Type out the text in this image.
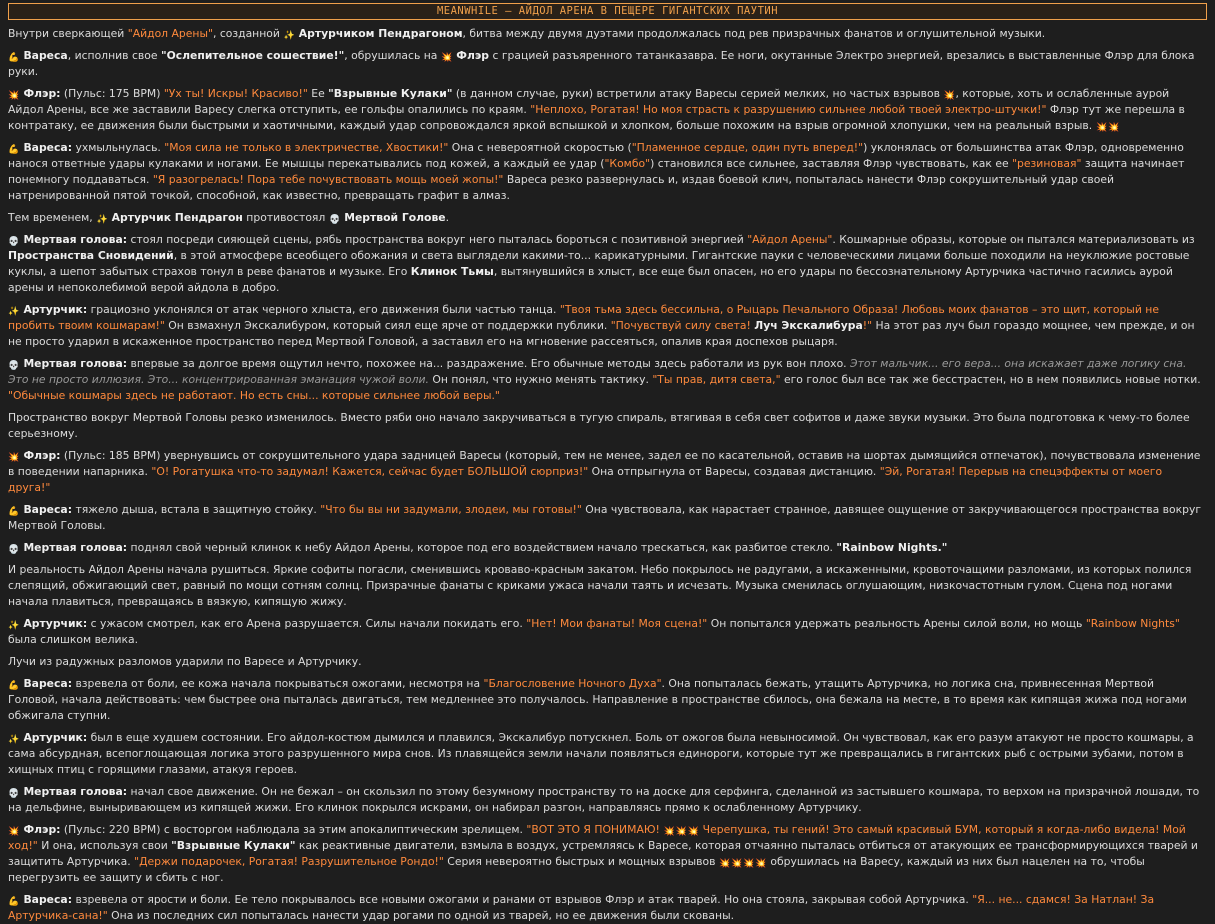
MEANWHILE – АЙДОЛ АРЕНА В ПЕЩЕРЕ ГИГАНТСКИХ ПАУТИН

Внутри сверкающей "Айдол Арены", созданной ✨ Артурчиком Пендрагоном, битва между двумя дуэтами продолжалась под рев призрачных фанатов и оглушительной музыки.

💪 Вареса, исполнив свое "Ослепительное сошествие!", обрушилась на 💥 Флэр с грацией разъяренного татанказавра. Ее ноги, окутанные Электро энергией, врезались в выставленные Флэр для блока руки.

💥 Флэр: (Пульс: 175 BPM) "Ух ты! Искры! Красиво!" Ее "Взрывные Кулаки" (в данном случае, руки) встретили атаку Варесы серией мелких, но частых взрывов 💥, которые, хоть и ослабленные аурой Айдол Арены, все же заставили Варесу слегка отступить, ее гольфы опалились по краям. "Неплохо, Рогатая! Но моя страсть к разрушению сильнее любой твоей электро-штучки!" Флэр тут же перешла в контратаку, ее движения были быстрыми и хаотичными, каждый удар сопровождался яркой вспышкой и хлопком, больше похожим на взрыв огромной хлопушки, чем на реальный взрыв. 💥💥

💪 Вареса: ухмыльнулась. "Моя сила не только в электричестве, Хвостики!" Она с невероятной скоростью ("Пламенное сердце, один путь вперед!") уклонялась от большинства атак Флэр, одновременно нанося ответные удары кулаками и ногами. Ее мышцы перекатывались под кожей, а каждый ее удар ("Комбо") становился все сильнее, заставляя Флэр чувствовать, как ее "резиновая" защита начинает понемногу поддаваться. "Я разогрелась! Пора тебе почувствовать мощь моей жопы!" Вареса резко развернулась и, издав боевой клич, попыталась нанести Флэр сокрушительный удар своей натренированной пятой точкой, способной, как известно, превращать графит в алмаз.

Тем временем, ✨ Артурчик Пендрагон противостоял 💀 Мертвой Голове.

💀 Мертвая голова: стоял посреди сияющей сцены, рябь пространства вокруг него пыталась бороться с позитивной энергией "Айдол Арены". Кошмарные образы, которые он пытался материализовать из Пространства Сновидений, в этой атмосфере всеобщего обожания и света выглядели какими-то... карикатурными. Гигантские пауки с человеческими лицами больше походили на неуклюжие ростовые куклы, а шепот забытых страхов тонул в реве фанатов и музыке. Его Клинок Тьмы, вытянувшийся в хлыст, все еще был опасен, но его удары по бессознательному Артурчика частично гасились аурой арены и непоколебимой верой айдола в добро.

✨ Артурчик: грациозно уклонялся от атак черного хлыста, его движения были частью танца. "Твоя тьма здесь бессильна, о Рыцарь Печального Образа! Любовь моих фанатов – это щит, который не пробить твоим кошмарам!" Он взмахнул Экскалибуром, который сиял еще ярче от поддержки публики. "Почувствуй силу света! Луч Экскалибура!" На этот раз луч был гораздо мощнее, чем прежде, и он не просто ударил в искаженное пространство перед Мертвой Головой, а заставил его на мгновение рассеяться, опалив края доспехов рыцаря.

💀 Мертвая голова: впервые за долгое время ощутил нечто, похожее на... раздражение. Его обычные методы здесь работали из рук вон плохо. Этот мальчик... его вера... она искажает даже логику сна. Это не просто иллюзия. Это... концентрированная эманация чужой воли. Он понял, что нужно менять тактику. "Ты прав, дитя света," его голос был все так же бесстрастен, но в нем появились новые нотки. "Обычные кошмары здесь не работают. Но есть сны... которые сильнее любой веры."

Пространство вокруг Мертвой Головы резко изменилось. Вместо ряби оно начало закручиваться в тугую спираль, втягивая в себя свет софитов и даже звуки музыки. Это была подготовка к чему-то более серьезному.

💥 Флэр: (Пульс: 185 BPM) увернувшись от сокрушительного удара задницей Варесы (который, тем не менее, задел ее по касательной, оставив на шортах дымящийся отпечаток), почувствовала изменение в поведении напарника. "О! Рогатушка что-то задумал! Кажется, сейчас будет БОЛЬШОЙ сюрприз!" Она отпрыгнула от Варесы, создавая дистанцию. "Эй, Рогатая! Перерыв на спецэффекты от моего друга!"

💪 Вареса: тяжело дыша, встала в защитную стойку. "Что бы вы ни задумали, злодеи, мы готовы!" Она чувствовала, как нарастает странное, давящее ощущение от закручивающегося пространства вокруг Мертвой Головы.

💀 Мертвая голова: поднял свой черный клинок к небу Айдол Арены, которое под его воздействием начало трескаться, как разбитое стекло. "Rainbow Nights."

И реальность Айдол Арены начала рушиться. Яркие софиты погасли, сменившись кроваво-красным закатом. Небо покрылось не радугами, а искаженными, кровоточащими разломами, из которых полился слепящий, обжигающий свет, равный по мощи сотням солнц. Призрачные фанаты с криками ужаса начали таять и исчезать. Музыка сменилась оглушающим, низкочастотным гулом. Сцена под ногами начала плавиться, превращаясь в вязкую, кипящую жижу.

✨ Артурчик: с ужасом смотрел, как его Арена разрушается. Силы начали покидать его. "Нет! Мои фанаты! Моя сцена!" Он попытался удержать реальность Арены силой воли, но мощь "Rainbow Nights" была слишком велика.

Лучи из радужных разломов ударили по Варесе и Артурчику.

💪 Вареса: взревела от боли, ее кожа начала покрываться ожогами, несмотря на "Благословение Ночного Духа". Она попыталась бежать, утащить Артурчика, но логика сна, привнесенная Мертвой Головой, начала действовать: чем быстрее она пыталась двигаться, тем медленнее это получалось. Направление в пространстве сбилось, она бежала на месте, в то время как кипящая жижа под ногами обжигала ступни.

✨ Артурчик: был в еще худшем состоянии. Его айдол-костюм дымился и плавился, Экскалибур потускнел. Боль от ожогов была невыносимой. Он чувствовал, как его разум атакуют не просто кошмары, а сама абсурдная, всепоглощающая логика этого разрушенного мира снов. Из плавящейся земли начали появляться единороги, которые тут же превращались в гигантских рыб с острыми зубами, потом в хищных птиц с горящими глазами, атакуя героев.

💀 Мертвая голова: начал свое движение. Он не бежал – он скользил по этому безумному пространству то на доске для серфинга, сделанной из застывшего кошмара, то верхом на призрачной лошади, то на дельфине, выныривающем из кипящей жижи. Его клинок покрылся искрами, он набирал разгон, направляясь прямо к ослабленному Артурчику.

💥 Флэр: (Пульс: 220 BPM) с восторгом наблюдала за этим апокалиптическим зрелищем. "ВОТ ЭТО Я ПОНИМАЮ! 💥💥💥 Черепушка, ты гений! Это самый красивый БУМ, который я когда-либо видела! Мой ход!" И она, используя свои "Взрывные Кулаки" как реактивные двигатели, взмыла в воздух, устремляясь к Варесе, которая отчаянно пыталась отбиться от атакующих ее трансформирующихся тварей и защитить Артурчика. "Держи подарочек, Рогатая! Разрушительное Рондо!" Серия невероятно быстрых и мощных взрывов 💥💥💥💥 обрушилась на Варесу, каждый из них был нацелен на то, чтобы перегрузить ее защиту и сбить с ног.

💪 Вареса: взревела от ярости и боли. Ее тело покрывалось все новыми ожогами и ранами от взрывов Флэр и атак тварей. Но она стояла, закрывая собой Артурчика. "Я... не... сдамся! За Натлан! За Артурчика-сана!" Она из последних сил попыталась нанести удар рогами по одной из тварей, но ее движения были скованы.
